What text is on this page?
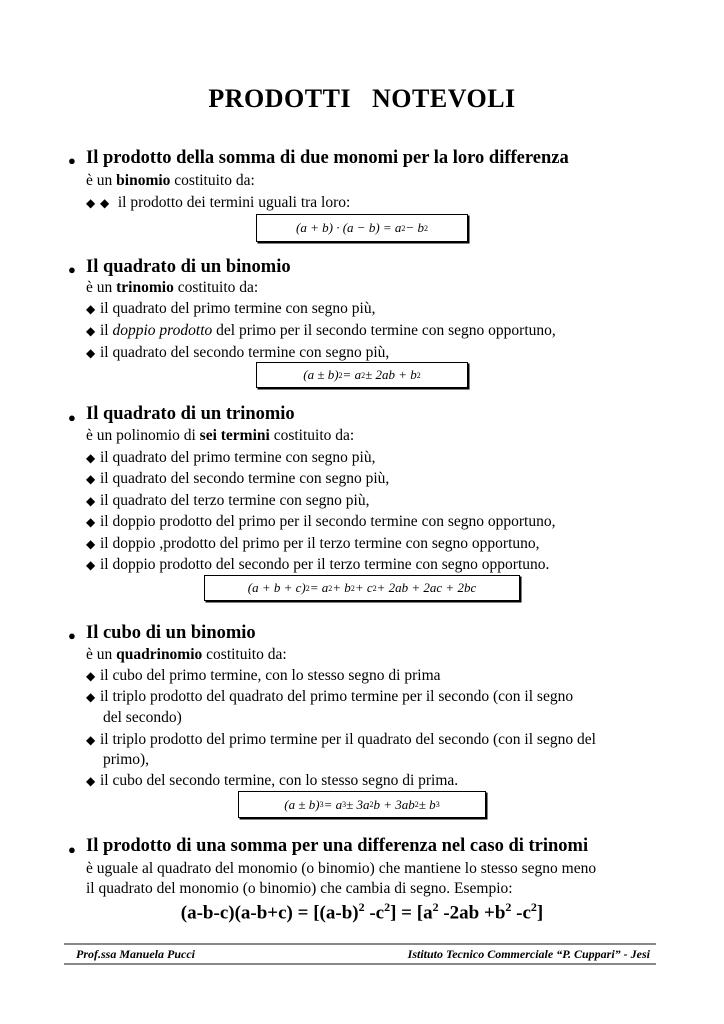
PRODOTTI   NOTEVOLI
● Il prodotto della somma di due monomi per la loro differenza
è un binomio costituito da:
◆ ◆ il prodotto dei termini uguali tra loro:
(a + b) · (a − b) = a 2 − b 2
● Il quadrato di un binomio
è un trinomio costituito da:
◆ il quadrato del primo termine con segno più,
◆ il doppio prodotto del primo per il secondo termine con segno opportuno,
◆ il quadrato del secondo termine con segno più,
(a ± b) 2 = a 2 ± 2ab + b 2
● Il quadrato di un trinomio
è un polinomio di sei termini costituito da:
◆ il quadrato del primo termine con segno più,
◆ il quadrato del secondo termine con segno più,
◆ il quadrato del terzo termine con segno più,
◆ il doppio prodotto del primo per il secondo termine con segno opportuno,
◆ il doppio ,prodotto del primo per il terzo termine con segno opportuno,
◆ il doppio prodotto del secondo per il terzo termine con segno opportuno.
(a + b + c) 2 = a 2 + b 2 + c 2 + 2ab + 2ac + 2bc
● Il cubo di un binomio
è un quadrinomio costituito da:
◆ il cubo del primo termine, con lo stesso segno di prima
◆ il triplo prodotto del quadrato del primo termine per il secondo (con il segno
del secondo)
◆ il triplo prodotto del primo termine per il quadrato del secondo (con il segno del
primo),
◆ il cubo del secondo termine, con lo stesso segno di prima.
(a ± b) 3 = a 3 ± 3a 2 b + 3ab 2 ± b 3
● Il prodotto di una somma per una differenza nel caso di trinomi
è uguale al quadrato del monomio (o binomio) che mantiene lo stesso segno meno
il quadrato del monomio (o binomio) che cambia di segno. Esempio:
$(a-b-c)(a-b+c) = [(a-b)^2$ $-c^2] = [a^2$ $-2ab +b^2$ $-c^2$]
Prof.ssa Manuela Pucci	Istituto Tecnico Commerciale “P. Cuppari” - Jesi
